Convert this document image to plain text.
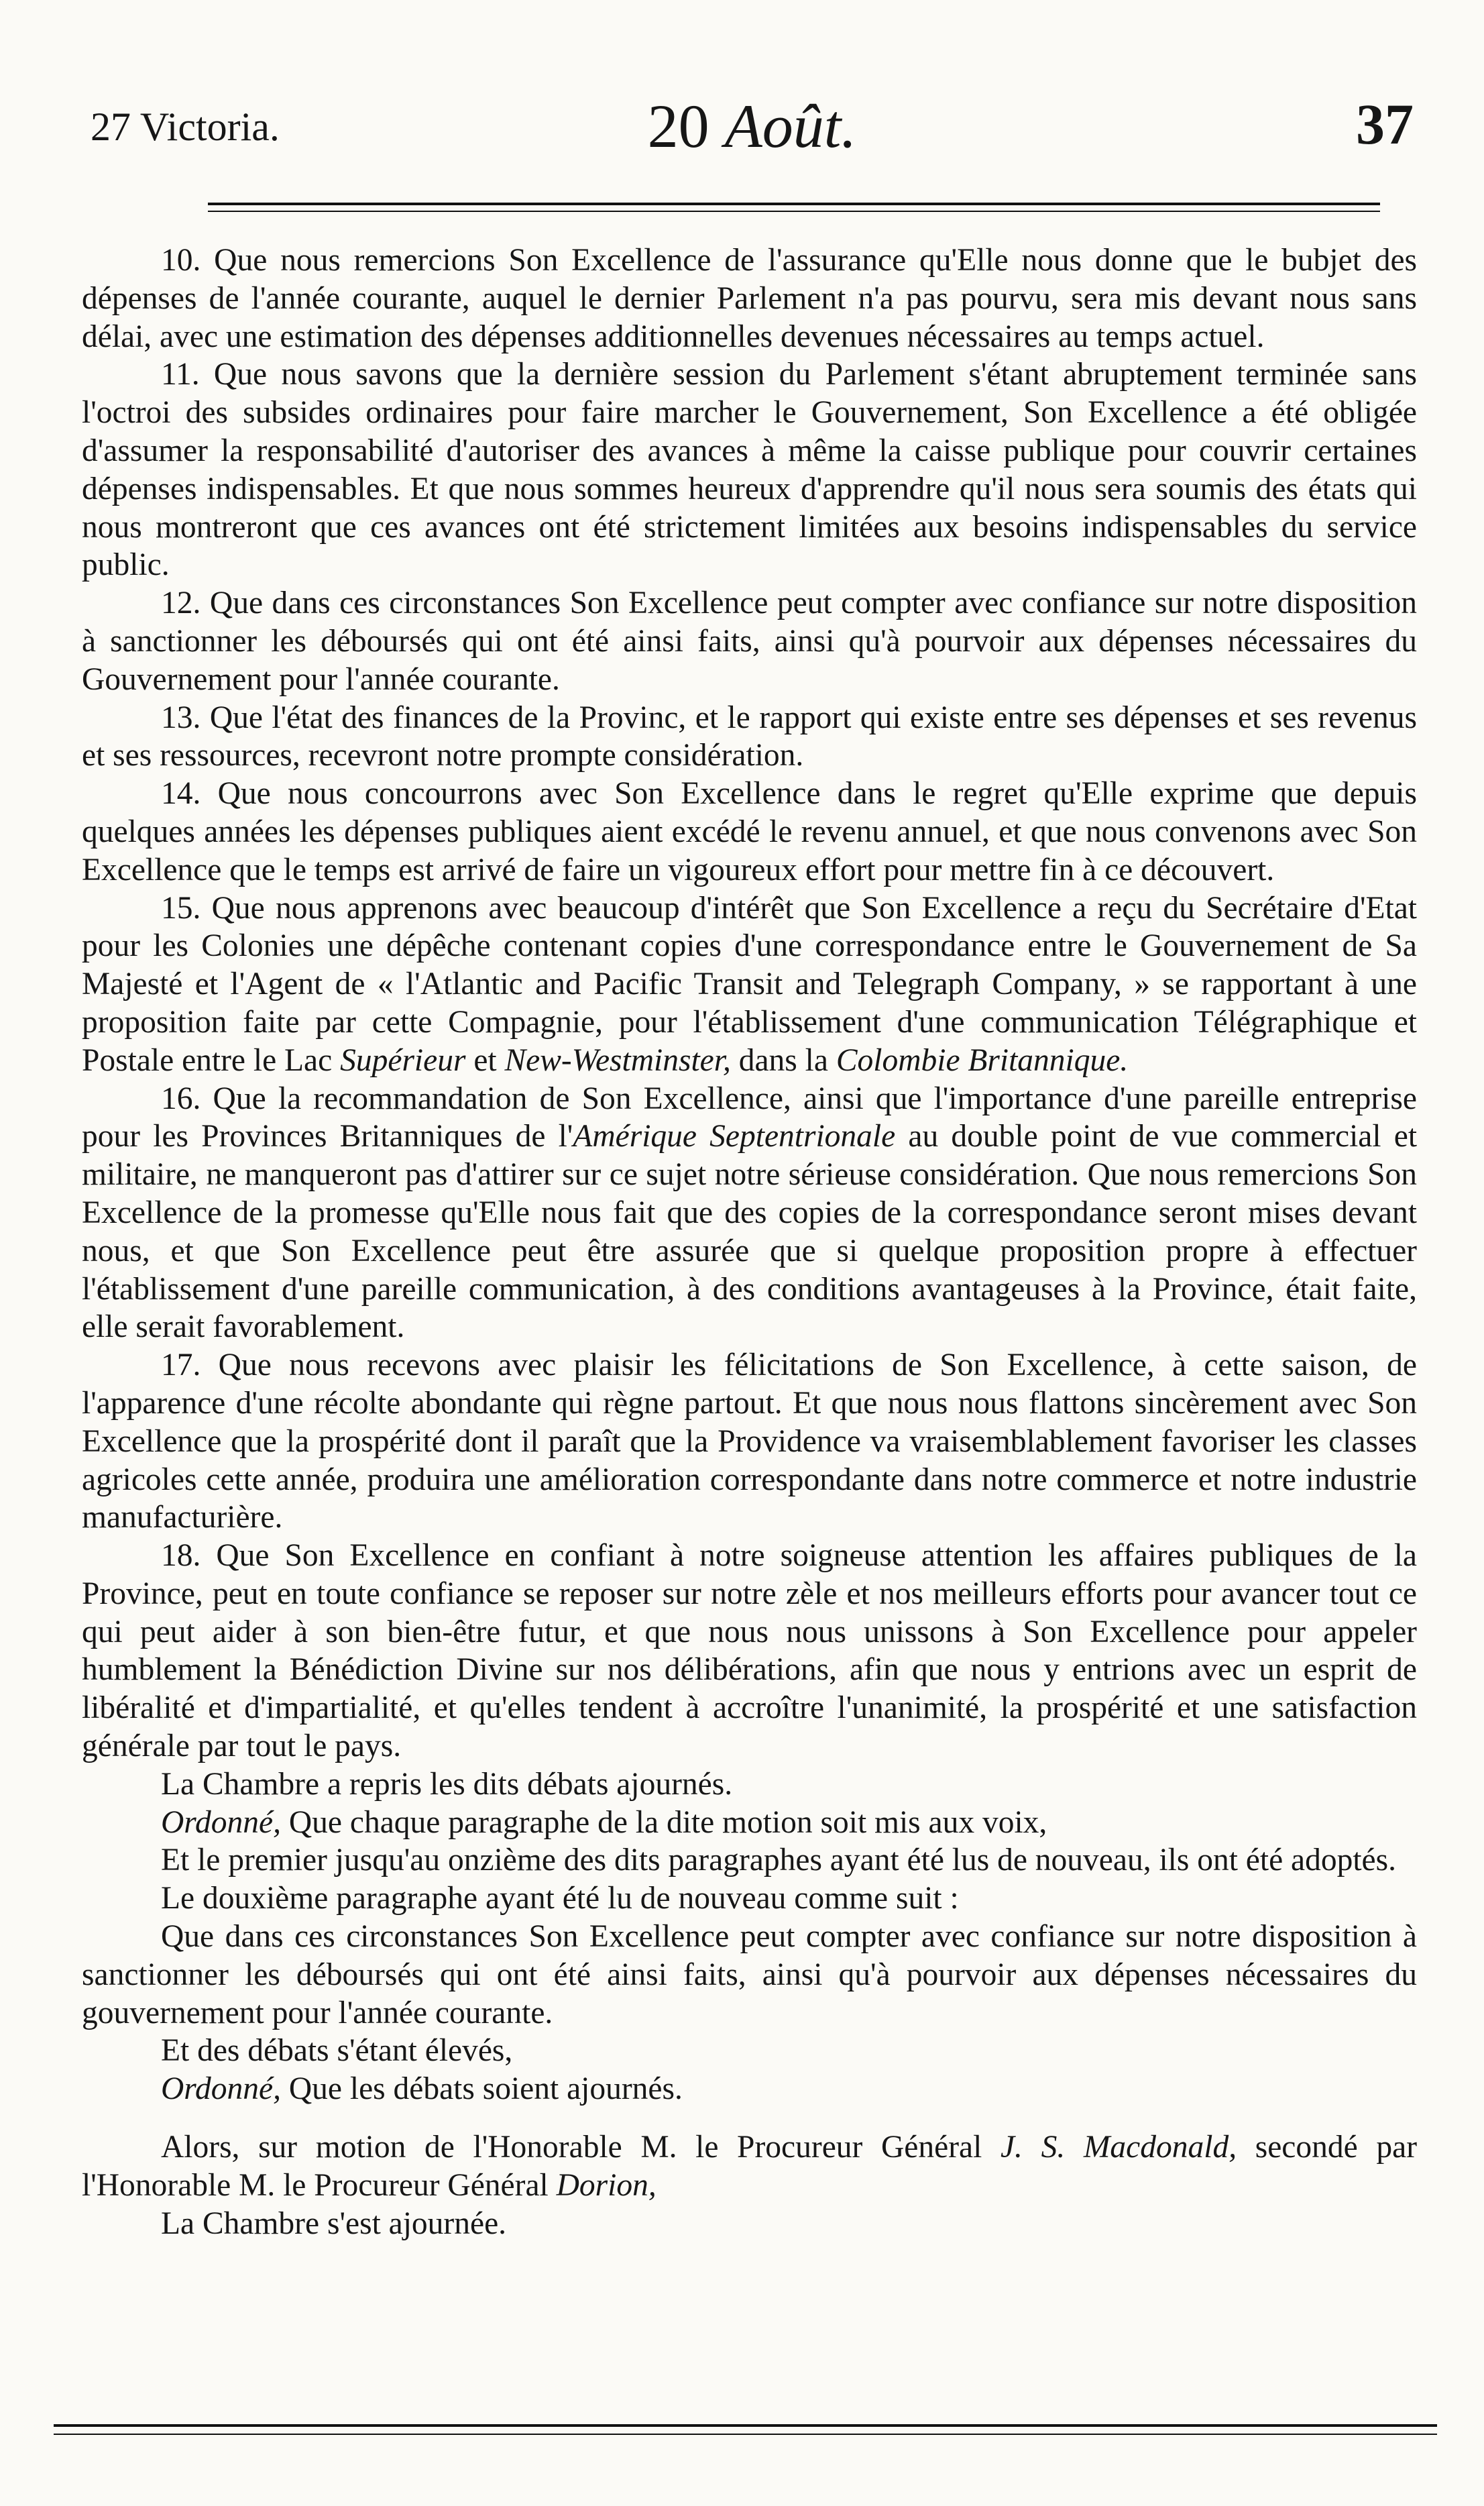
27 Victoria.	20 Août.	37

10. Que nous remercions Son Excellence de l'assurance qu'Elle nous donne que le bubjet des dépenses de l'année courante, auquel le dernier Parlement n'a pas pourvu, sera mis devant nous sans délai, avec une estimation des dépenses additionnelles devenues nécessaires au temps actuel.

11. Que nous savons que la dernière session du Parlement s'étant abruptement terminée sans l'octroi des subsides ordinaires pour faire marcher le Gouvernement, Son Excellence a été obligée d'assumer la responsabilité d'autoriser des avances à même la caisse publique pour couvrir certaines dépenses indispensables. Et que nous sommes heureux d'apprendre qu'il nous sera soumis des états qui nous montreront que ces avances ont été strictement limitées aux besoins indispensables du service public.

12. Que dans ces circonstances Son Excellence peut compter avec confiance sur notre disposition à sanctionner les déboursés qui ont été ainsi faits, ainsi qu'à pourvoir aux dépenses nécessaires du Gouvernement pour l'année courante.

13. Que l'état des finances de la Provinc, et le rapport qui existe entre ses dépenses et ses revenus et ses ressources, recevront notre prompte considération.

14. Que nous concourrons avec Son Excellence dans le regret qu'Elle exprime que depuis quelques années les dépenses publiques aient excédé le revenu annuel, et que nous convenons avec Son Excellence que le temps est arrivé de faire un vigoureux effort pour mettre fin à ce découvert.

15. Que nous apprenons avec beaucoup d'intérêt que Son Excellence a reçu du Secrétaire d'Etat pour les Colonies une dépêche contenant copies d'une correspondance entre le Gouvernement de Sa Majesté et l'Agent de « l'Atlantic and Pacific Transit and Telegraph Company, » se rapportant à une proposition faite par cette Compagnie, pour l'établissement d'une communication Télégraphique et Postale entre le Lac Supérieur et New-Westminster, dans la Colombie Britannique.

16. Que la recommandation de Son Excellence, ainsi que l'importance d'une pareille entreprise pour les Provinces Britanniques de l'Amérique Septentrionale au double point de vue commercial et militaire, ne manqueront pas d'attirer sur ce sujet notre sérieuse considération. Que nous remercions Son Excellence de la promesse qu'Elle nous fait que des copies de la correspondance seront mises devant nous, et que Son Excellence peut être assurée que si quelque proposition propre à effectuer l'établissement d'une pareille communication, à des conditions avantageuses à la Province, était faite, elle serait favorablement.

17. Que nous recevons avec plaisir les félicitations de Son Excellence, à cette saison, de l'apparence d'une récolte abondante qui règne partout. Et que nous nous flattons sincèrement avec Son Excellence que la prospérité dont il paraît que la Providence va vraisemblablement favoriser les classes agricoles cette année, produira une amélioration correspondante dans notre commerce et notre industrie manufacturière.

18. Que Son Excellence en confiant à notre soigneuse attention les affaires publiques de la Province, peut en toute confiance se reposer sur notre zèle et nos meilleurs efforts pour avancer tout ce qui peut aider à son bien-être futur, et que nous nous unissons à Son Excellence pour appeler humblement la Bénédiction Divine sur nos délibérations, afin que nous y entrions avec un esprit de libéralité et d'impartialité, et qu'elles tendent à accroître l'unanimité, la prospérité et une satisfaction générale par tout le pays.

La Chambre a repris les dits débats ajournés.

Ordonné, Que chaque paragraphe de la dite motion soit mis aux voix,

Et le premier jusqu'au onzième des dits paragraphes ayant été lus de nouveau, ils ont été adoptés.

Le douxième paragraphe ayant été lu de nouveau comme suit :

Que dans ces circonstances Son Excellence peut compter avec confiance sur notre disposition à sanctionner les déboursés qui ont été ainsi faits, ainsi qu'à pourvoir aux dépenses nécessaires du gouvernement pour l'année courante.

Et des débats s'étant élevés,

Ordonné, Que les débats soient ajournés.

Alors, sur motion de l'Honorable M. le Procureur Général J. S. Macdonald, secondé par l'Honorable M. le Procureur Général Dorion,

La Chambre s'est ajournée.
